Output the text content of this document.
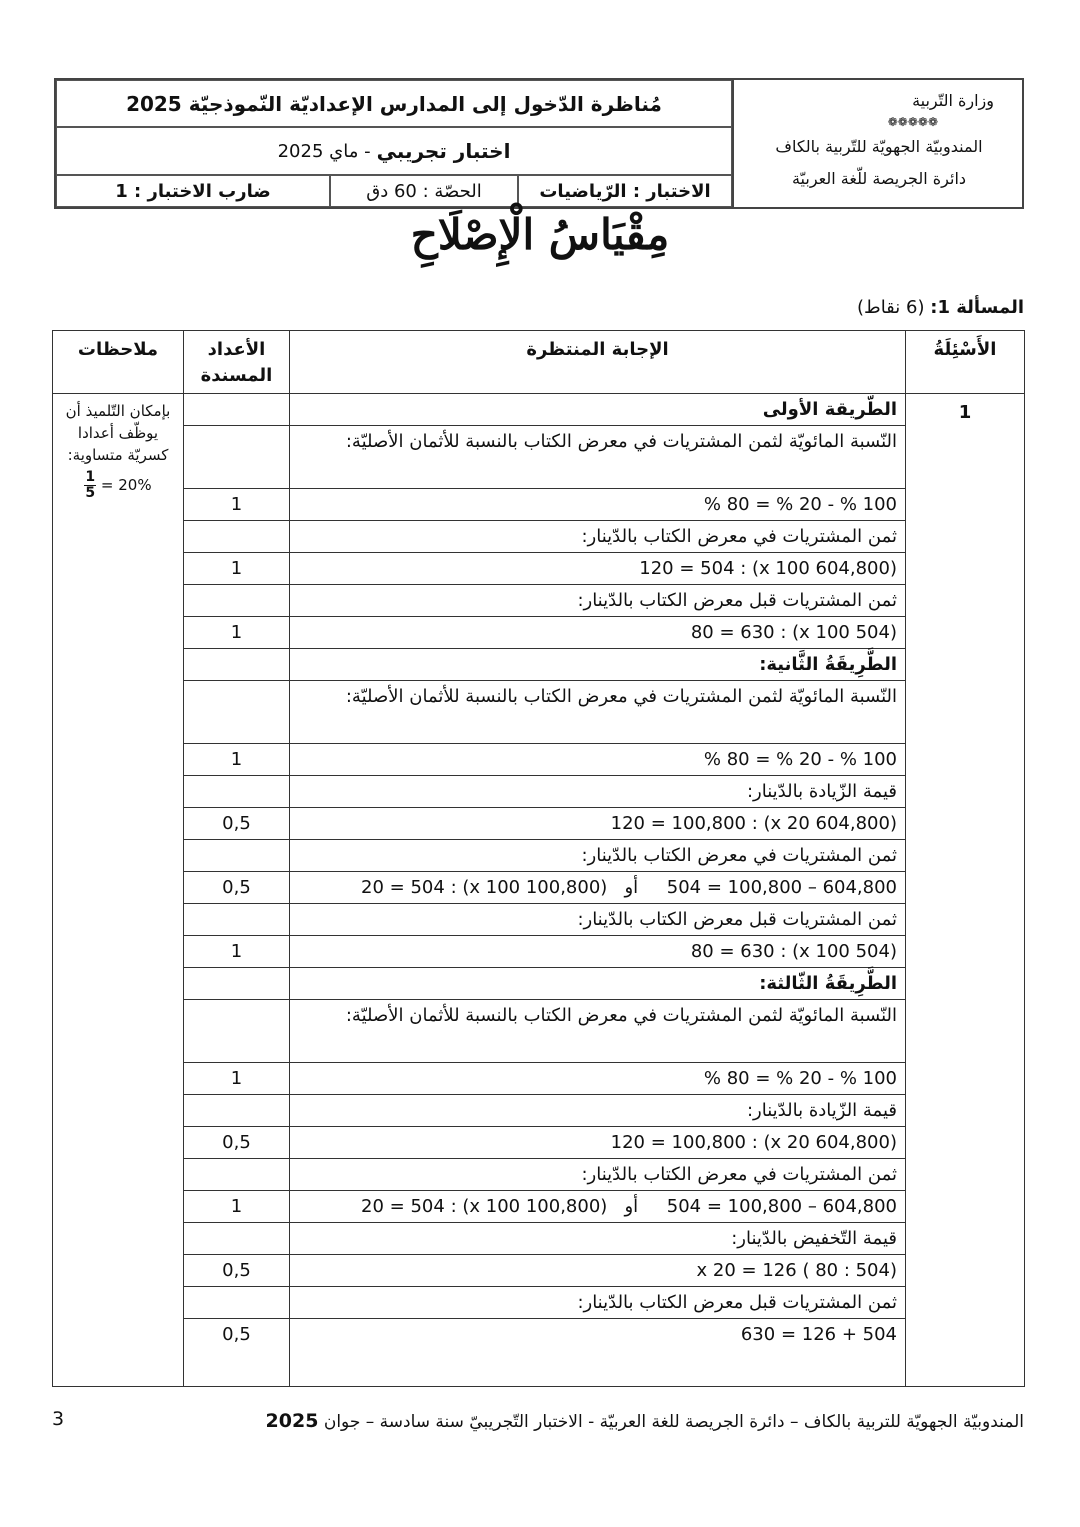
وزارة التّربية
❁❁❁❁❁
المندوبيّة الجهويّة للتّربية بالكاف
دائرة الجريصة للّغة العربيّة
مُناظرة الدّخول إلى المدارس الإعداديّة النّموذجيّة 2025
اختبار تجريبي
- ماي 2025
الاختبار : الرّياضيات
الحصّة : 60 دق
ضارب الاختبار : 1
مِقْيَاسُ الْإِصْلَاحِ
المسألة 1: (6 نقاط)
ملاحظات	الأعداد المسندة	الإجابة المنتظرة	الأَسْئِلَةُ

بإمكان التّلميذ أن يوظّف أعدادا كسريّة متساوية:
$\frac{1}{5} = 20\%$		الطّريقة الأولى	1
		النّسبة المائويّة لثمن المشتريات في معرض الكتاب بالنسبة للأثمان الأصليّة:	
	1	100 % - 20 % = 80 %	
		ثمن المشتريات في معرض الكتاب بالدّينار:	
	1	(604,800 x 100) : 120 = 504	
		ثمن المشتريات قبل معرض الكتاب بالدّينار:	
	1	(504 x 100) : 80 = 630	
		الطَّرِيقَةُ الثَّانية:	
		النّسبة المائويّة لثمن المشتريات في معرض الكتاب بالنسبة للأثمان الأصليّة:	
	1	100 % - 20 % = 80 %	
		قيمة الزّيادة بالدّينار:	
	0,5	(604,800 x 20) : 120 = 100,800	
		ثمن المشتريات في معرض الكتاب بالدّينار:	
	0,5	604,800 – 100,800 = 504     أو   (100,800 x 100) : 20 = 504	
		ثمن المشتريات قبل معرض الكتاب بالدّينار:	
	1	(504 x 100) : 80 = 630	
		الطَّرِيقَةُ الثّالثة:	
		النّسبة المائويّة لثمن المشتريات في معرض الكتاب بالنسبة للأثمان الأصليّة:	
	1	100 % - 20 % = 80 %	
		قيمة الزّيادة بالدّينار:	
	0,5	(604,800 x 20) : 120 = 100,800	
		ثمن المشتريات في معرض الكتاب بالدّينار:	
	1	604,800 – 100,800 = 504     أو   (100,800 x 100) : 20 = 504	
		قيمة التّخفيض بالدّينار:	
	0,5	(504 : 80 ) x 20 = 126	
		ثمن المشتريات قبل معرض الكتاب بالدّينار:	
	0,5	504 + 126 = 630	
المندوبيّة الجهويّة للتربية بالكاف – دائرة الجريصة للغة العربيّة - الاختبار التّجريبيّ سنة سادسة – جوان 2025
3
